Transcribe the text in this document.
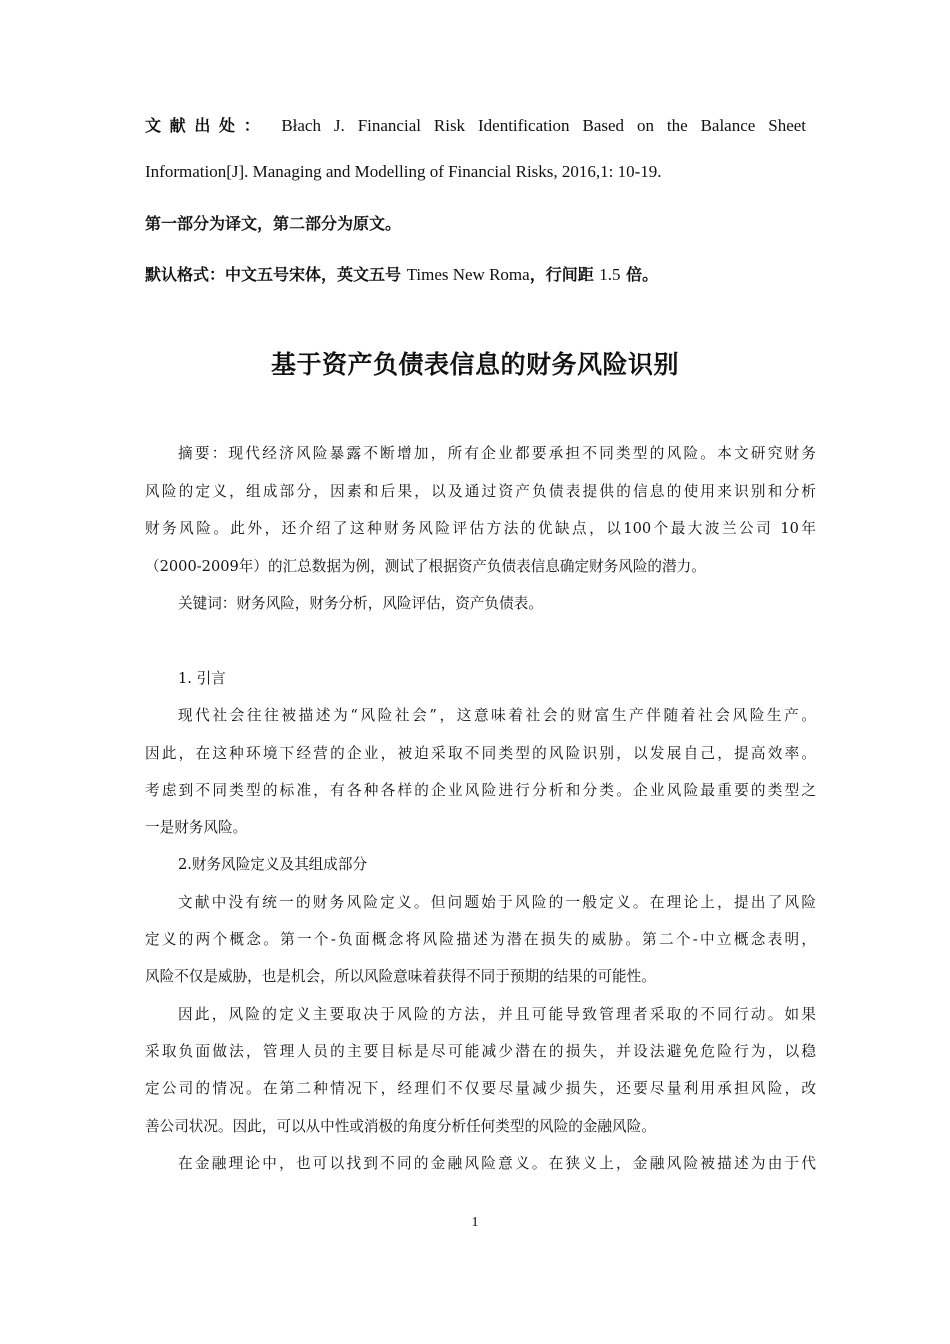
文献出处： Błach J. Financial Risk Identification Based on the Balance Sheet
Information[J]. Managing and Modelling of Financial Risks, 2016,1: 10-19.
第一部分为译文，第二部分为原文。
默认格式：中文五号宋体，英文五号 Times New Roma，行间距 1.5 倍。
基于资产负债表信息的财务风险识别
摘要：现代经济风险暴露不断增加，所有企业都要承担不同类型的风险。本文研究财务
风险的定义，组成部分，因素和后果，以及通过资产负债表提供的信息的使用来识别和分析
财务风险。此外，还介绍了这种财务风险评估方法的优缺点，以100个最大波兰公司 10年
（2000-2009年）的汇总数据为例，测试了根据资产负债表信息确定财务风险的潜力。
关键词：财务风险，财务分析，风险评估，资产负债表。
1. 引言
现代社会往往被描述为“风险社会”，这意味着社会的财富生产伴随着社会风险生产。
因此，在这种环境下经营的企业，被迫采取不同类型的风险识别，以发展自己，提高效率。
考虑到不同类型的标准，有各种各样的企业风险进行分析和分类。企业风险最重要的类型之
一是财务风险。
2.财务风险定义及其组成部分
文献中没有统一的财务风险定义。但问题始于风险的一般定义。在理论上，提出了风险
定义的两个概念。第一个-负面概念将风险描述为潜在损失的威胁。第二个-中立概念表明，
风险不仅是威胁，也是机会，所以风险意味着获得不同于预期的结果的可能性。
因此，风险的定义主要取决于风险的方法，并且可能导致管理者采取的不同行动。如果
采取负面做法，管理人员的主要目标是尽可能减少潜在的损失，并设法避免危险行为，以稳
定公司的情况。在第二种情况下，经理们不仅要尽量减少损失，还要尽量利用承担风险，改
善公司状况。因此，可以从中性或消极的角度分析任何类型的风险的金融风险。
在金融理论中，也可以找到不同的金融风险意义。在狭义上，金融风险被描述为由于代
1
